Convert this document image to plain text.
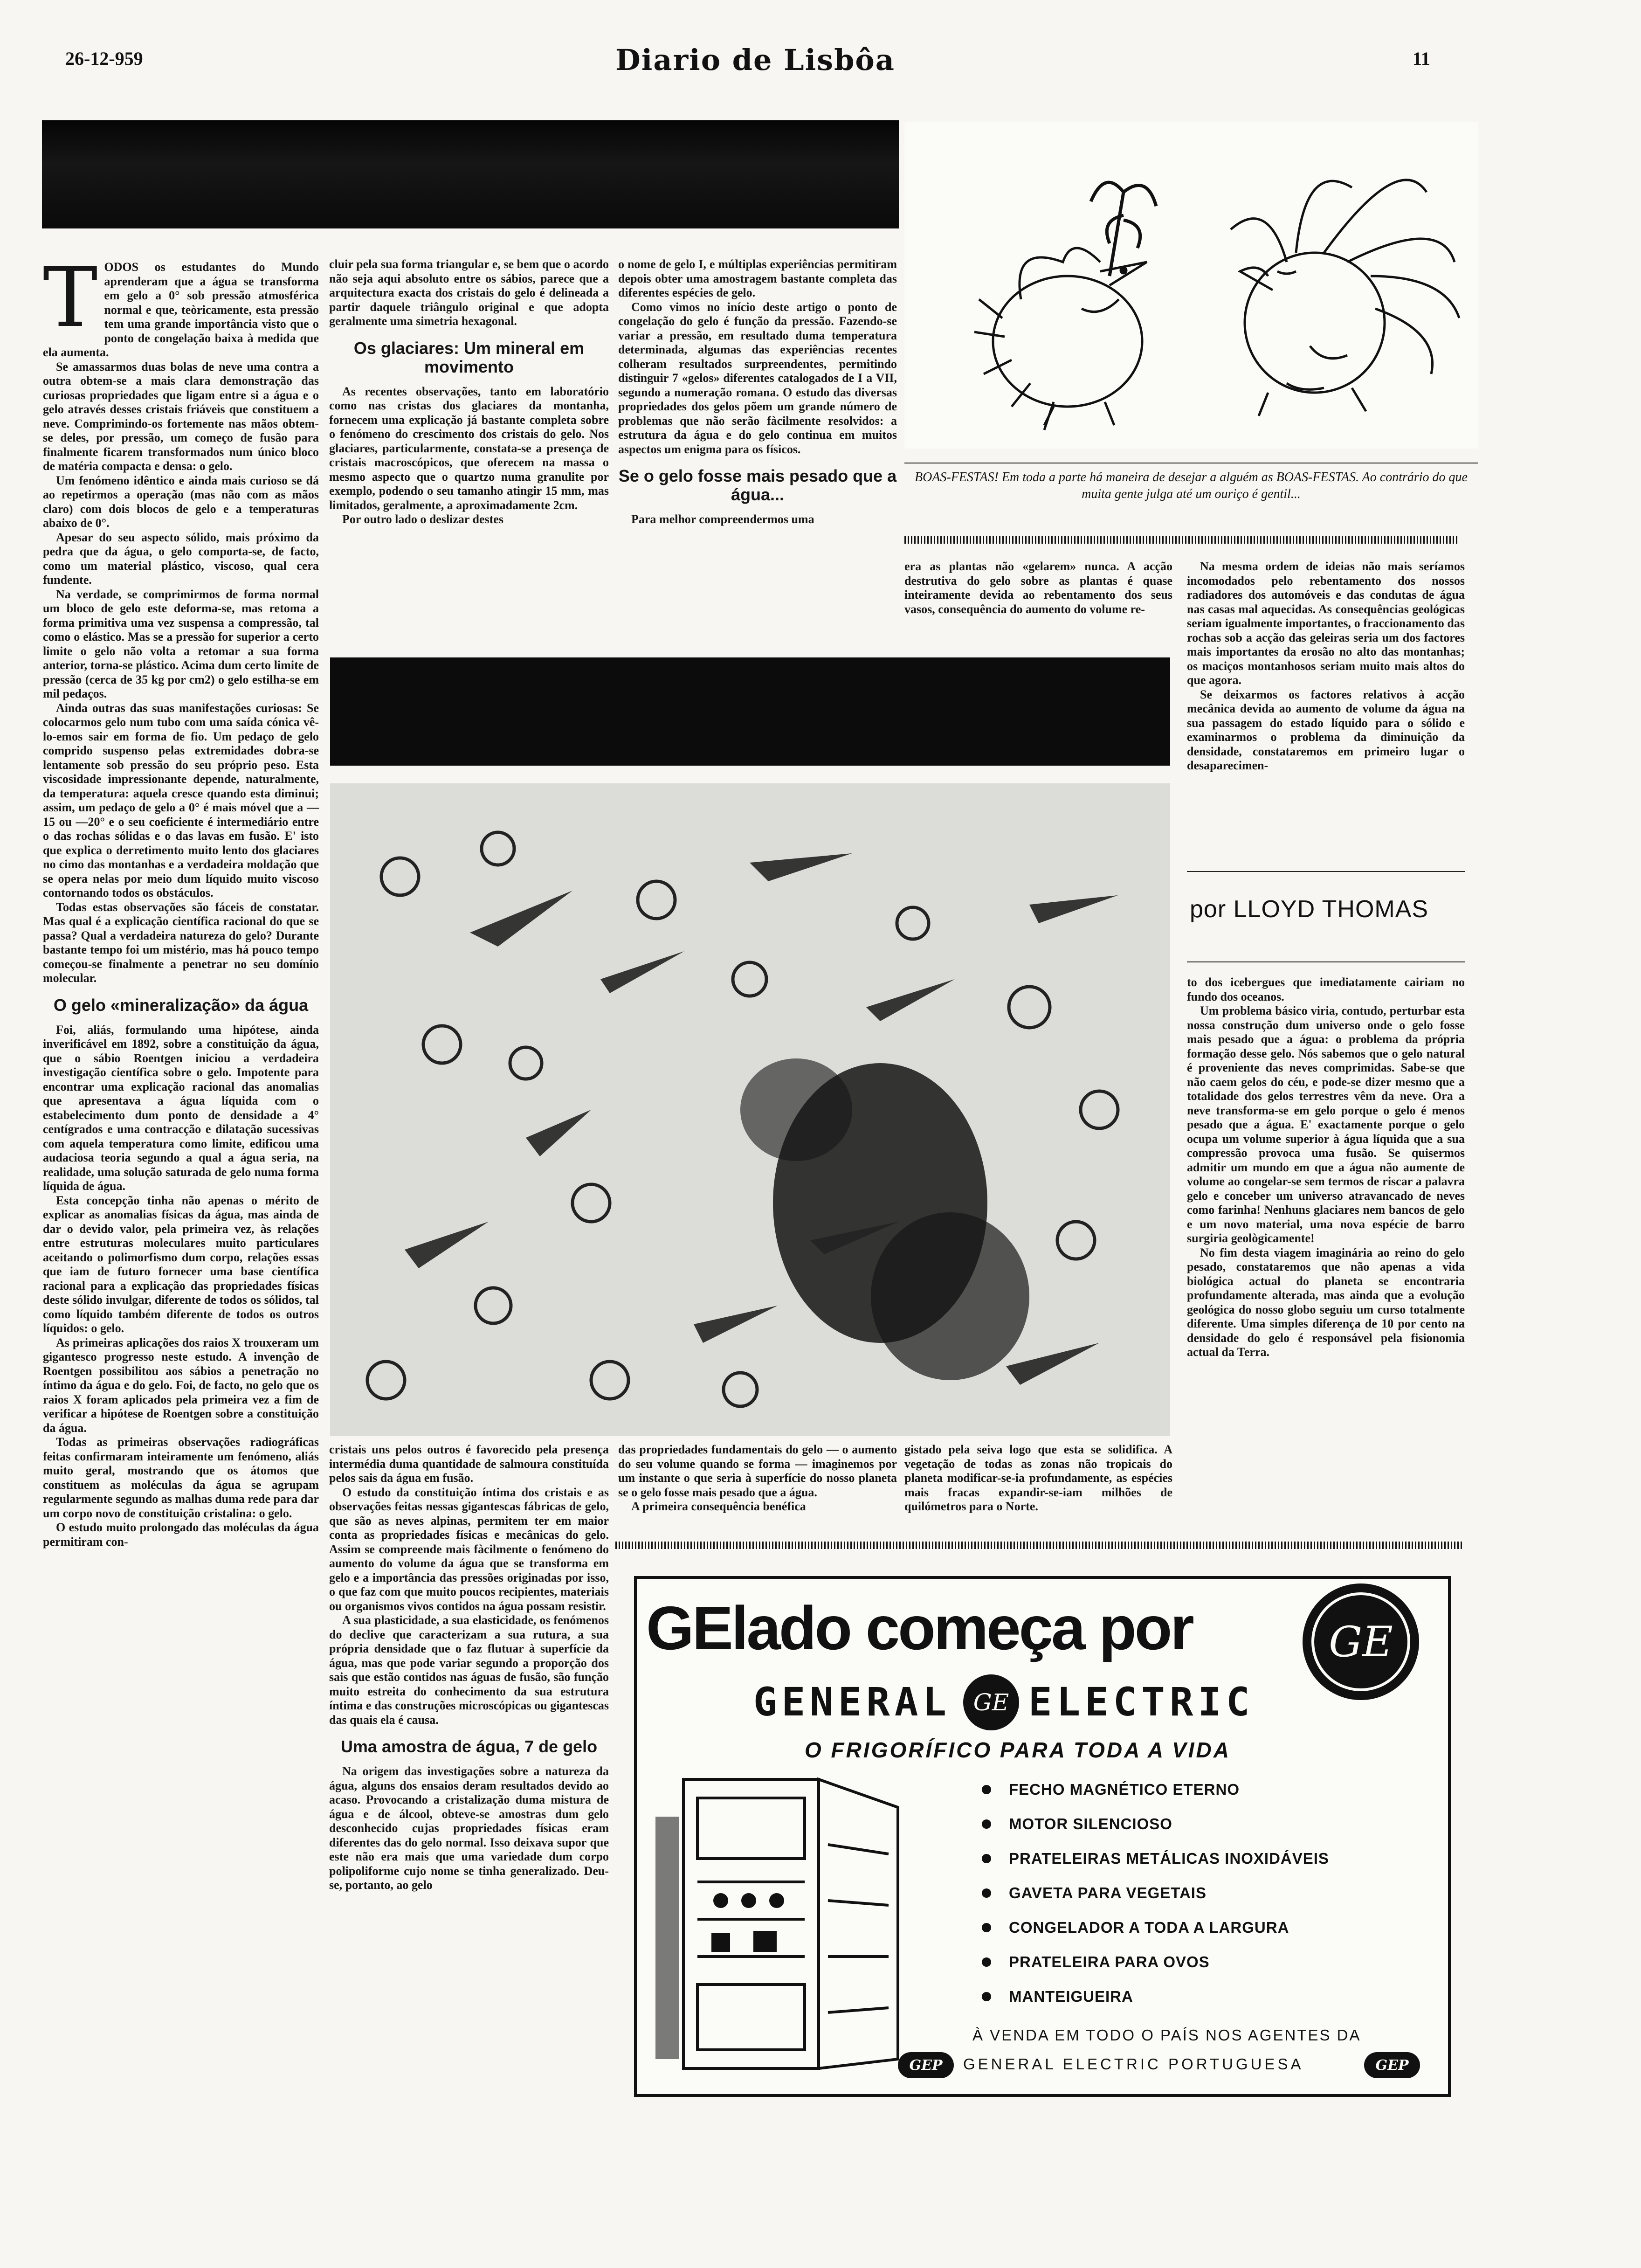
26-12-959	Diario de Lisbôa	11
BOAS-FESTAS! Em toda a parte há maneira de desejar a alguém as BOAS-FESTAS. Ao contrário do que muita gente julga até um ouriço é gentil...
T ODOS os estudantes do Mundo aprenderam que a água se transforma em gelo a 0° sob pressão atmosférica normal e que, teòricamente, esta pressão tem uma grande importância visto que o ponto de congelação baixa à medida que ela aumenta.

Se amassarmos duas bolas de neve uma contra a outra obtem-se a mais clara demonstração das curiosas propriedades que ligam entre si a água e o gelo através desses cristais friáveis que constituem a neve. Comprimindo-os fortemente nas mãos obtem-se deles, por pressão, um começo de fusão para finalmente ficarem transformados num único bloco de matéria compacta e densa: o gelo.

Um fenómeno idêntico e ainda mais curioso se dá ao repetirmos a operação (mas não com as mãos claro) com dois blocos de gelo e a temperaturas abaixo de 0°.

Apesar do seu aspecto sólido, mais próximo da pedra que da água, o gelo comporta-se, de facto, como um material plástico, viscoso, qual cera fundente.

Na verdade, se comprimirmos de forma normal um bloco de gelo este deforma-se, mas retoma a forma primitiva uma vez suspensa a compressão, tal como o elástico. Mas se a pressão for superior a certo limite o gelo não volta a retomar a sua forma anterior, torna-se plástico. Acima dum certo limite de pressão (cerca de 35 kg por cm2) o gelo estilha-se em mil pedaços.

Ainda outras das suas manifestações curiosas: Se colocarmos gelo num tubo com uma saída cónica vê-lo-emos sair em forma de fio. Um pedaço de gelo comprido suspenso pelas extremidades dobra-se lentamente sob pressão do seu próprio peso. Esta viscosidade impressionante depende, naturalmente, da temperatura: aquela cresce quando esta diminui; assim, um pedaço de gelo a 0° é mais móvel que a —15 ou —20° e o seu coeficiente é intermediário entre o das rochas sólidas e o das lavas em fusão. E' isto que explica o derretimento muito lento dos glaciares no cimo das montanhas e a verdadeira moldação que se opera nelas por meio dum líquido muito viscoso contornando todos os obstáculos.

Todas estas observações são fáceis de constatar. Mas qual é a explicação científica racional do que se passa? Qual a verdadeira natureza do gelo? Durante bastante tempo foi um mistério, mas há pouco tempo começou-se finalmente a penetrar no seu domínio molecular.

O gelo «mineralização» da água

Foi, aliás, formulando uma hipótese, ainda inverificável em 1892, sobre a constituição da água, que o sábio Roentgen iniciou a verdadeira investigação científica sobre o gelo. Impotente para encontrar uma explicação racional das anomalias que apresentava a água líquida com o estabelecimento dum ponto de densidade a 4° centígrados e uma contracção e dilatação sucessivas com aquela temperatura como limite, edificou uma audaciosa teoria segundo a qual a água seria, na realidade, uma solução saturada de gelo numa forma líquida de água.

Esta concepção tinha não apenas o mérito de explicar as anomalias físicas da água, mas ainda de dar o devido valor, pela primeira vez, às relações entre estruturas moleculares muito particulares aceitando o polimorfismo dum corpo, relações essas que iam de futuro fornecer uma base científica racional para a explicação das propriedades físicas deste sólido invulgar, diferente de todos os sólidos, tal como líquido também diferente de todos os outros líquidos: o gelo.

As primeiras aplicações dos raios X trouxeram um gigantesco progresso neste estudo. A invenção de Roentgen possibilitou aos sábios a penetração no íntimo da água e do gelo. Foi, de facto, no gelo que os raios X foram aplicados pela primeira vez a fim de verificar a hipótese de Roentgen sobre a constituição da água.

Todas as primeiras observações radiográficas feitas confirmaram inteiramente um fenómeno, aliás muito geral, mostrando que os átomos que constituem as moléculas da água se agrupam regularmente segundo as malhas duma rede para dar um corpo novo de constituição cristalina: o gelo.

O estudo muito prolongado das moléculas da água permitiram con-

cluir pela sua forma triangular e, se bem que o acordo não seja aqui absoluto entre os sábios, parece que a arquitectura exacta dos cristais do gelo é delineada a partir daquele triângulo original e que adopta geralmente uma simetria hexagonal.

Os glaciares: Um mineral em movimento

As recentes observações, tanto em laboratório como nas cristas dos glaciares da montanha, fornecem uma explicação já bastante completa sobre o fenómeno do crescimento dos cristais do gelo. Nos glaciares, particularmente, constata-se a presença de cristais macroscópicos, que oferecem na massa o mesmo aspecto que o quartzo numa granulite por exemplo, podendo o seu tamanho atingir 15 mm, mas limitados, geralmente, a aproximadamente 2cm.

Por outro lado o deslizar destes

o nome de gelo I, e múltiplas experiências permitiram depois obter uma amostragem bastante completa das diferentes espécies de gelo.

Como vimos no início deste artigo o ponto de congelação do gelo é função da pressão. Fazendo-se variar a pressão, em resultado duma temperatura determinada, algumas das experiências recentes colheram resultados surpreendentes, permitindo distinguir 7 «gelos» diferentes catalogados de I a VII, segundo a numeração romana. O estudo das diversas propriedades dos gelos põem um grande número de problemas que não serão fàcilmente resolvidos: a estrutura da água e do gelo continua em muitos aspectos um enigma para os físicos.

Se o gelo fosse mais pesado que a água...

Para melhor compreendermos uma

era as plantas não «gelarem» nunca. A acção destrutiva do gelo sobre as plantas é quase inteiramente devida ao rebentamento dos seus vasos, consequência do aumento do volume re-

Na mesma ordem de ideias não mais seríamos incomodados pelo rebentamento dos nossos radiadores dos automóveis e das condutas de água nas casas mal aquecidas. As consequências geológicas seriam igualmente importantes, o fraccionamento das rochas sob a acção das geleiras seria um dos factores mais importantes da erosão no alto das montanhas; os maciços montanhosos seriam muito mais altos do que agora.

Se deixarmos os factores relativos à acção mecânica devida ao aumento de volume da água na sua passagem do estado líquido para o sólido e examinarmos o problema da diminuição da densidade, constataremos em primeiro lugar o desaparecimen-

por LLOYD THOMAS

to dos icebergues que imediatamente cairiam no fundo dos oceanos.

Um problema básico viria, contudo, perturbar esta nossa construção dum universo onde o gelo fosse mais pesado que a água: o problema da própria formação desse gelo. Nós sabemos que o gelo natural é proveniente das neves comprimidas. Sabe-se que não caem gelos do céu, e pode-se dizer mesmo que a totalidade dos gelos terrestres vêm da neve. Ora a neve transforma-se em gelo porque o gelo é menos pesado que a água. E' exactamente porque o gelo ocupa um volume superior à água líquida que a sua compressão provoca uma fusão. Se quisermos admitir um mundo em que a água não aumente de volume ao congelar-se sem termos de riscar a palavra gelo e conceber um universo atravancado de neves como farinha! Nenhuns glaciares nem bancos de gelo e um novo material, uma nova espécie de barro surgiria geològicamente!

No fim desta viagem imaginária ao reino do gelo pesado, constataremos que não apenas a vida biológica actual do planeta se encontraria profundamente alterada, mas ainda que a evolução geológica do nosso globo seguiu um curso totalmente diferente. Uma simples diferença de 10 por cento na densidade do gelo é responsável pela fisionomia actual da Terra.

cristais uns pelos outros é favorecido pela presença intermédia duma quantidade de salmoura constituída pelos sais da água em fusão.

O estudo da constituição íntima dos cristais e as observações feitas nessas gigantescas fábricas de gelo, que são as neves alpinas, permitem ter em maior conta as propriedades físicas e mecânicas do gelo. Assim se compreende mais fàcilmente o fenómeno do aumento do volume da água que se transforma em gelo e a importância das pressões originadas por isso, o que faz com que muito poucos recipientes, materiais ou organismos vivos contidos na água possam resistir.

A sua plasticidade, a sua elasticidade, os fenómenos do declive que caracterizam a sua rutura, a sua própria densidade que o faz flutuar à superfície da água, mas que pode variar segundo a proporção dos sais que estão contidos nas águas de fusão, são função muito estreita do conhecimento da sua estrutura íntima e das construções microscópicas ou gigantescas das quais ela é causa.

Uma amostra de água, 7 de gelo

Na origem das investigações sobre a natureza da água, alguns dos ensaios deram resultados devido ao acaso. Provocando a cristalização duma mistura de água e de álcool, obteve-se amostras dum gelo desconhecido cujas propriedades físicas eram diferentes das do gelo normal. Isso deixava supor que este não era mais que uma variedade dum corpo polipoliforme cujo nome se tinha generalizado. Deu-se, portanto, ao gelo

das propriedades fundamentais do gelo — o aumento do seu volume quando se forma — imaginemos por um instante o que seria à superfície do nosso planeta se o gelo fosse mais pesado que a água.

A primeira consequência benéfica

gistado pela seiva logo que esta se solidifica. A vegetação de todas as zonas não tropicais do planeta modificar-se-ia profundamente, as espécies mais fracas expandir-se-iam milhões de quilómetros para o Norte.

GElado começa por	GE
GENERAL GE ELECTRIC
O FRIGORÍFICO PARA TODA A VIDA
FECHO MAGNÉTICO ETERNO
MOTOR SILENCIOSO
PRATELEIRAS METÁLICAS INOXIDÁVEIS
GAVETA PARA VEGETAIS
CONGELADOR A TODA A LARGURA
PRATELEIRA PARA OVOS
MANTEIGUEIRA
À VENDA EM TODO O PAÍS NOS AGENTES DA
GEP GENERAL ELECTRIC PORTUGUESA	GEP
